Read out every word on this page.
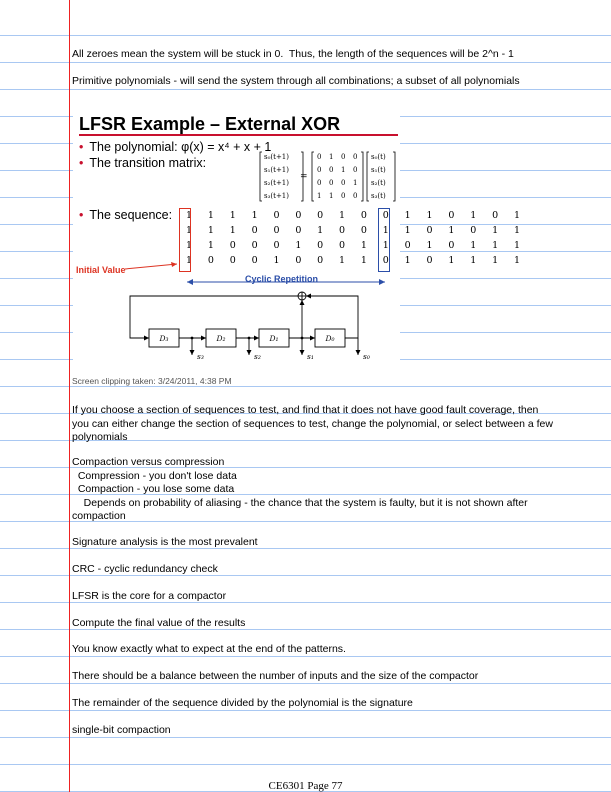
All zeroes mean the system will be stuck in 0.  Thus, the length of the sequences will be 2^n - 1
Primitive polynomials - will send the system through all combinations; a subset of all polynomials
LFSR Example – External XOR
• The polynomial: φ(x) = x⁴ + x + 1
• The transition matrix:
• The sequence:
s₀(t+1)
s₁(t+1)
s₂(t+1)
s₃(t+1)
=
0 1 0 0
0 0 1 0
0 0 0 1
1 1 0 0
s₀(t)
s₁(t)
s₂(t)
s₃(t)
1 1 1 1 0 0 0 1 0 0 1 1 0 1 0 1
1 1 1 0 0 0 1 0 0 1 1 0 1 0 1 1
1 1 0 0 0 1 0 0 1 1 0 1 0 1 1 1
1 0 0 0 1 0 0 1 1 0 1 0 1 1 1 1
Initial Value
Cyclic Repetition
D₃	D₂	D₁	D₀
s₃	s₂	s₁	s₀
Screen clipping taken: 3/24/2011, 4:38 PM
If you choose a section of sequences to test, and find that it does not have good fault coverage, then
you can either change the section of sequences to test, change the polynomial, or select between a few
polynomials
Compaction versus compression
Compression - you don't lose data
Compaction - you lose some data
Depends on probability of aliasing - the chance that the system is faulty, but it is not shown after
compaction
Signature analysis is the most prevalent
CRC - cyclic redundancy check
LFSR is the core for a compactor
Compute the final value of the results
You know exactly what to expect at the end of the patterns.
There should be a balance between the number of inputs and the size of the compactor
The remainder of the sequence divided by the polynomial is the signature
single-bit compaction
CE6301 Page 77
